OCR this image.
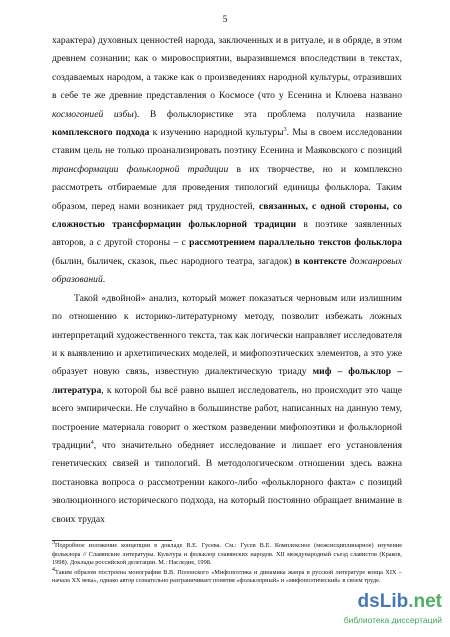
5

характера) духовных ценностей народа, заключенных и в ритуале, и в обряде, в этом древнем сознании; как о мировосприятии, выразившемся впоследствии в текстах, создаваемых народом, а также как о произведениях народной культуры, отразивших в себе те же древние представления о Космосе (что у Есенина и Клюева названо космогонией избы). В фольклористике эта проблема получила название комплексного подхода к изучению народной культуры$^3$. Мы в своем исследовании ставим цель не только проанализировать поэтику Есенина и Маяковского с позиций трансформации фольклорной традиции в их творчестве, но и комплексно рассмотреть отбираемые для проведения типологий единицы фольклора. Таким образом, перед нами возникает ряд трудностей, связанных, с одной стороны, со сложностью трансформации фольклорной традиции в поэтике заявленных авторов, а с другой стороны – с рассмотрением параллельно текстов фольклора (былин, быличек, сказок, пьес народного театра, загадок) в контексте дожанровых образований.

Такой «двойной» анализ, который может показаться черновым или излишним по отношению к историко-литературному методу, позволит избежать ложных интерпретаций художественного текста, так как логически направляет исследователя и к выявлению и архетипических моделей, и мифопоэтических элементов, а это уже образует новую связь, известную диалектическую триаду миф – фольклор – литература, к которой бы всё равно вышел исследователь, но происходит это чаще всего эмпирически. Не случайно в большинстве работ, написанных на данную тему, построение материала говорит о жестком разведении мифопоэтики и фольклорной традиции$^4$, что значительно обедняет исследование и лишает его установления генетических связей и типологий. В методологическом отношении здесь важна постановка вопроса о рассмотрении какого-либо «фольклорного факта» с позиций эволюционного исторического подхода, на который постоянно обращает внимание в своих трудах

$^3$Подробное изложение концепции в докладе В.Е. Гусева. См.: Гусев В.Е. Комплексное (межсисциплинарное) изучение фольклора // Славянские литературы. Культура и фольклор славянских народов. XII международный съезд славистов (Краков, 1998). Доклады российской делегации. М.: Наследие, 1998.

$^4$Таким образом построена монография В.В. Полонского «Мифопоэтика и динамика жанра в русской литературе конца XIX – начала XX века», однако автор сознательно разграничивает понятия «фольклорный» и «мифопоэтический» в своем труде.

dsLib.net
библиотека диссертаций
